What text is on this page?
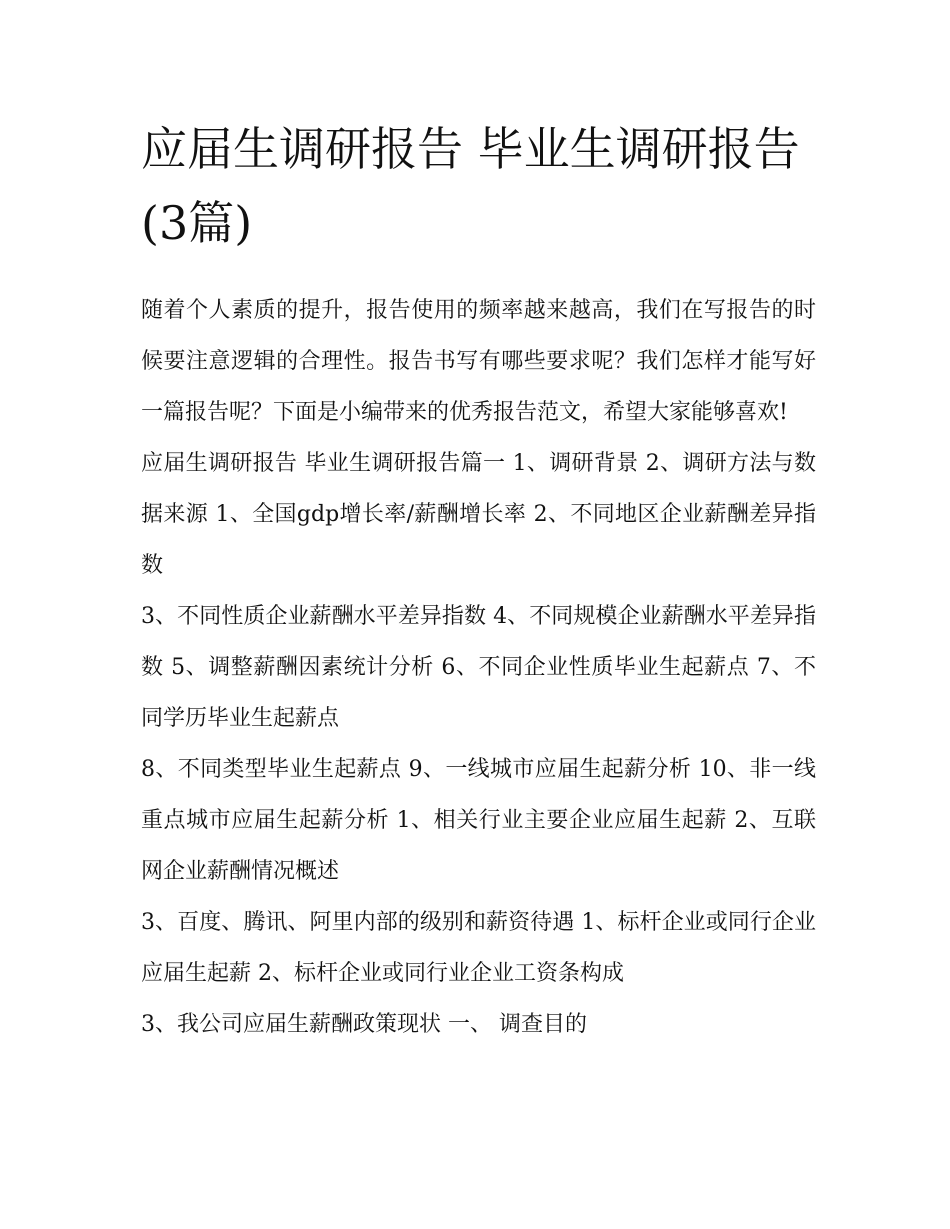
应届生调研报告 毕业生调研报告(3篇)

随着个人素质的提升，报告使用的频率越来越高，我们在写报告的时候要注意逻辑的合理性。报告书写有哪些要求呢？我们怎样才能写好一篇报告呢？下面是小编带来的优秀报告范文，希望大家能够喜欢!

应届生调研报告 毕业生调研报告篇一 1、调研背景 2、调研方法与数据来源 1、全国gdp增长率/薪酬增长率 2、不同地区企业薪酬差异指数

3、不同性质企业薪酬水平差异指数 4、不同规模企业薪酬水平差异指数 5、调整薪酬因素统计分析 6、不同企业性质毕业生起薪点 7、不同学历毕业生起薪点

8、不同类型毕业生起薪点 9、一线城市应届生起薪分析 10、非一线重点城市应届生起薪分析 1、相关行业主要企业应届生起薪 2、互联网企业薪酬情况概述

3、百度、腾讯、阿里内部的级别和薪资待遇 1、标杆企业或同行企业应届生起薪 2、标杆企业或同行业企业工资条构成

3、我公司应届生薪酬政策现状 一、 调查目的
